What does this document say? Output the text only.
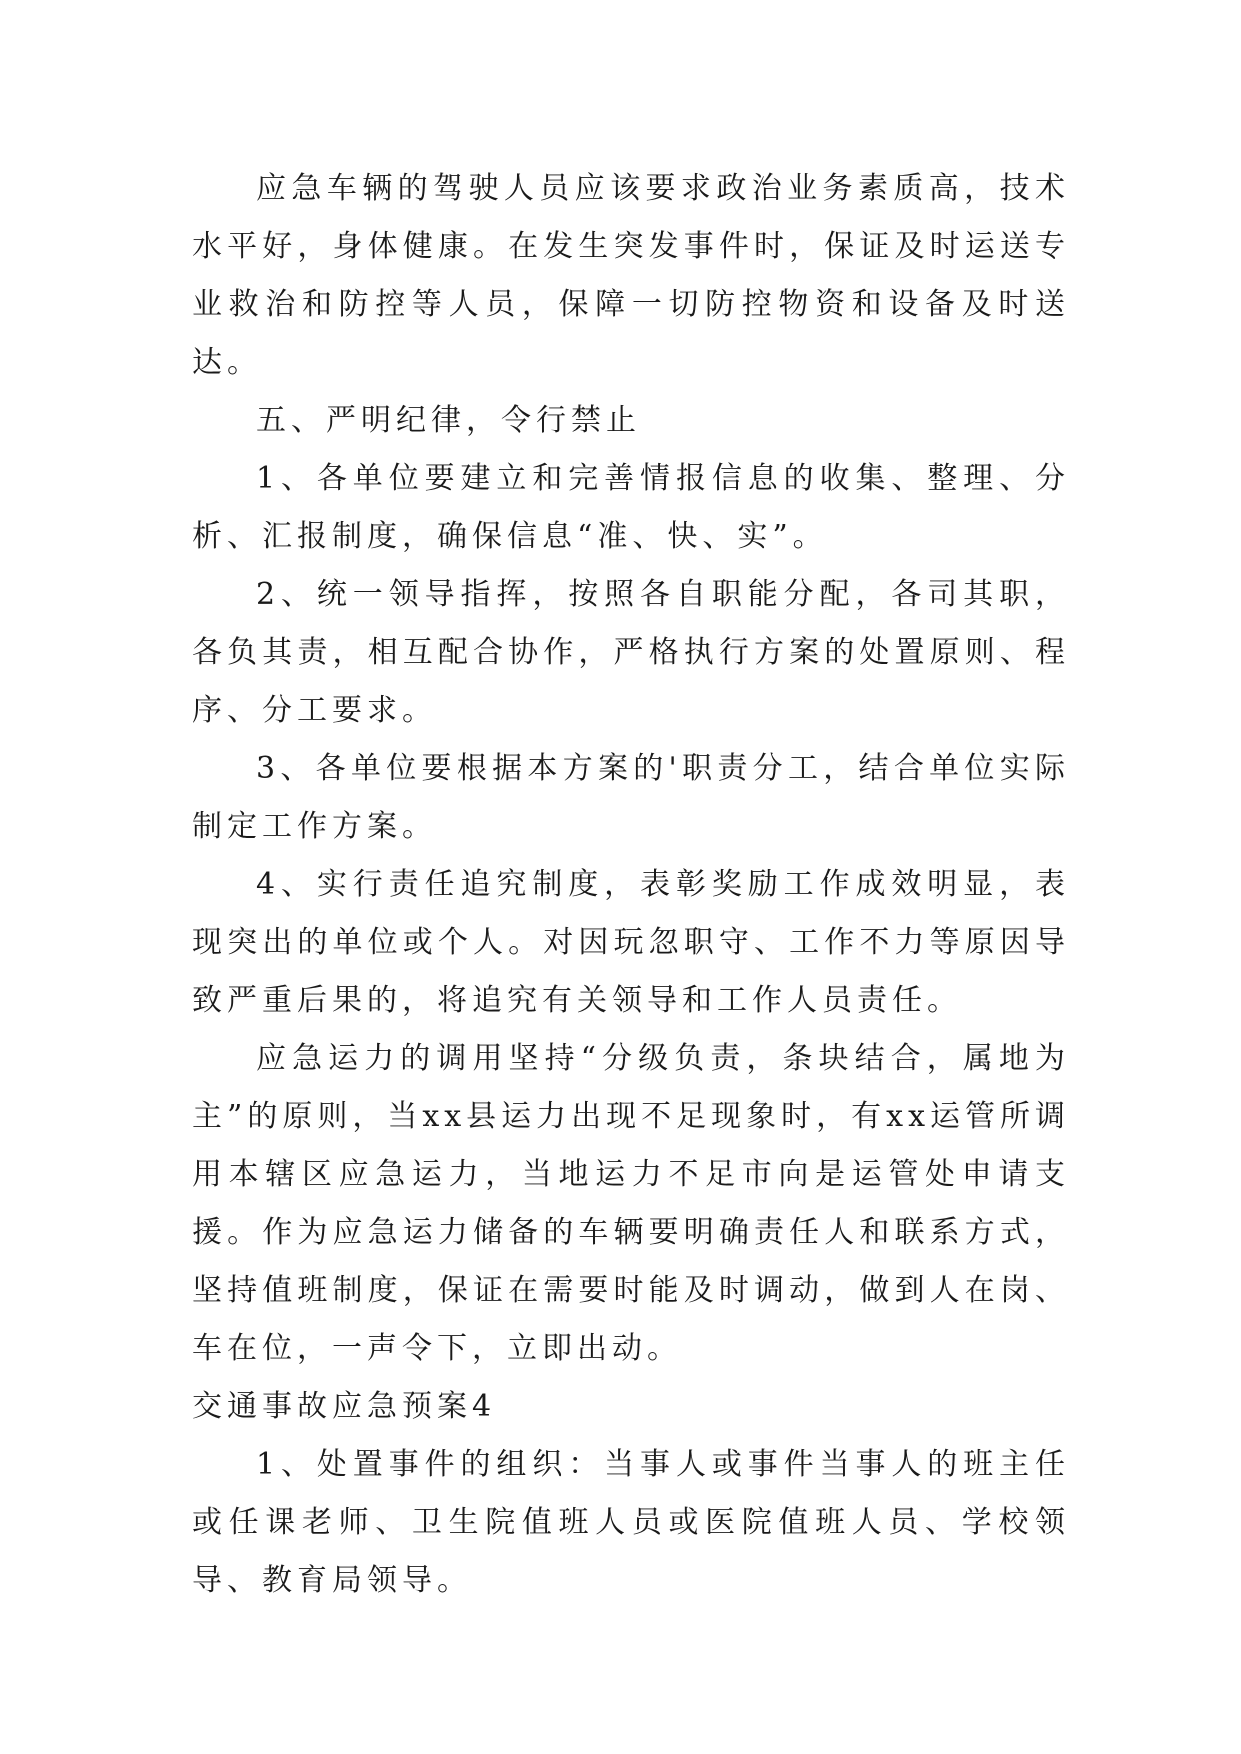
应急车辆的驾驶人员应该要求政治业务素质高，技术水平好，身体健康。在发生突发事件时，保证及时运送专业救治和防控等人员，保障一切防控物资和设备及时送达。

五、严明纪律，令行禁止

1、各单位要建立和完善情报信息的收集、整理、分析、汇报制度，确保信息“准、快、实”。

2、统一领导指挥，按照各自职能分配，各司其职，各负其责，相互配合协作，严格执行方案的处置原则、程序、分工要求。

3、各单位要根据本方案的'职责分工，结合单位实际制定工作方案。

4、实行责任追究制度，表彰奖励工作成效明显，表现突出的单位或个人。对因玩忽职守、工作不力等原因导致严重后果的，将追究有关领导和工作人员责任。

应急运力的调用坚持“分级负责，条块结合，属地为主”的原则，当xx县运力出现不足现象时，有xx运管所调用本辖区应急运力，当地运力不足市向是运管处申请支援。作为应急运力储备的车辆要明确责任人和联系方式，坚持值班制度，保证在需要时能及时调动，做到人在岗、车在位，一声令下，立即出动。

交通事故应急预案4

1、处置事件的组织：当事人或事件当事人的班主任或任课老师、卫生院值班人员或医院值班人员、学校领导、教育局领导。
